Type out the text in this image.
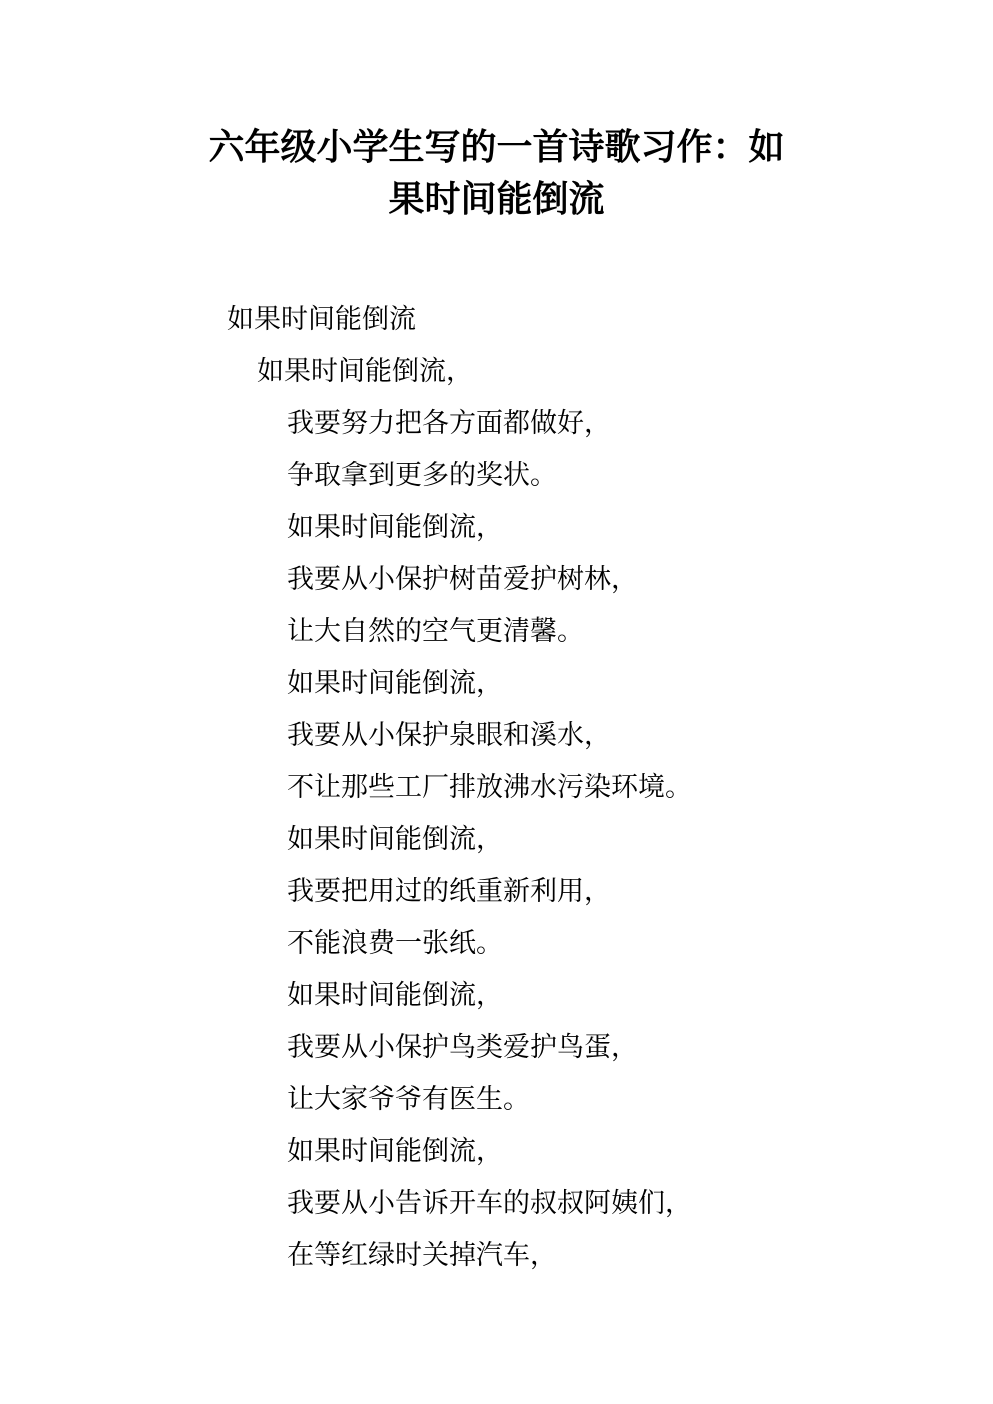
六年级小学生写的一首诗歌习作：如
果时间能倒流

如果时间能倒流

如果时间能倒流，

我要努力把各方面都做好，

争取拿到更多的奖状。

如果时间能倒流，

我要从小保护树苗爱护树林，

让大自然的空气更清馨。

如果时间能倒流，

我要从小保护泉眼和溪水，

不让那些工厂排放沸水污染环境。

如果时间能倒流，

我要把用过的纸重新利用，

不能浪费一张纸。

如果时间能倒流，

我要从小保护鸟类爱护鸟蛋，

让大家爷爷有医生。

如果时间能倒流，

我要从小告诉开车的叔叔阿姨们，

在等红绿时关掉汽车，
